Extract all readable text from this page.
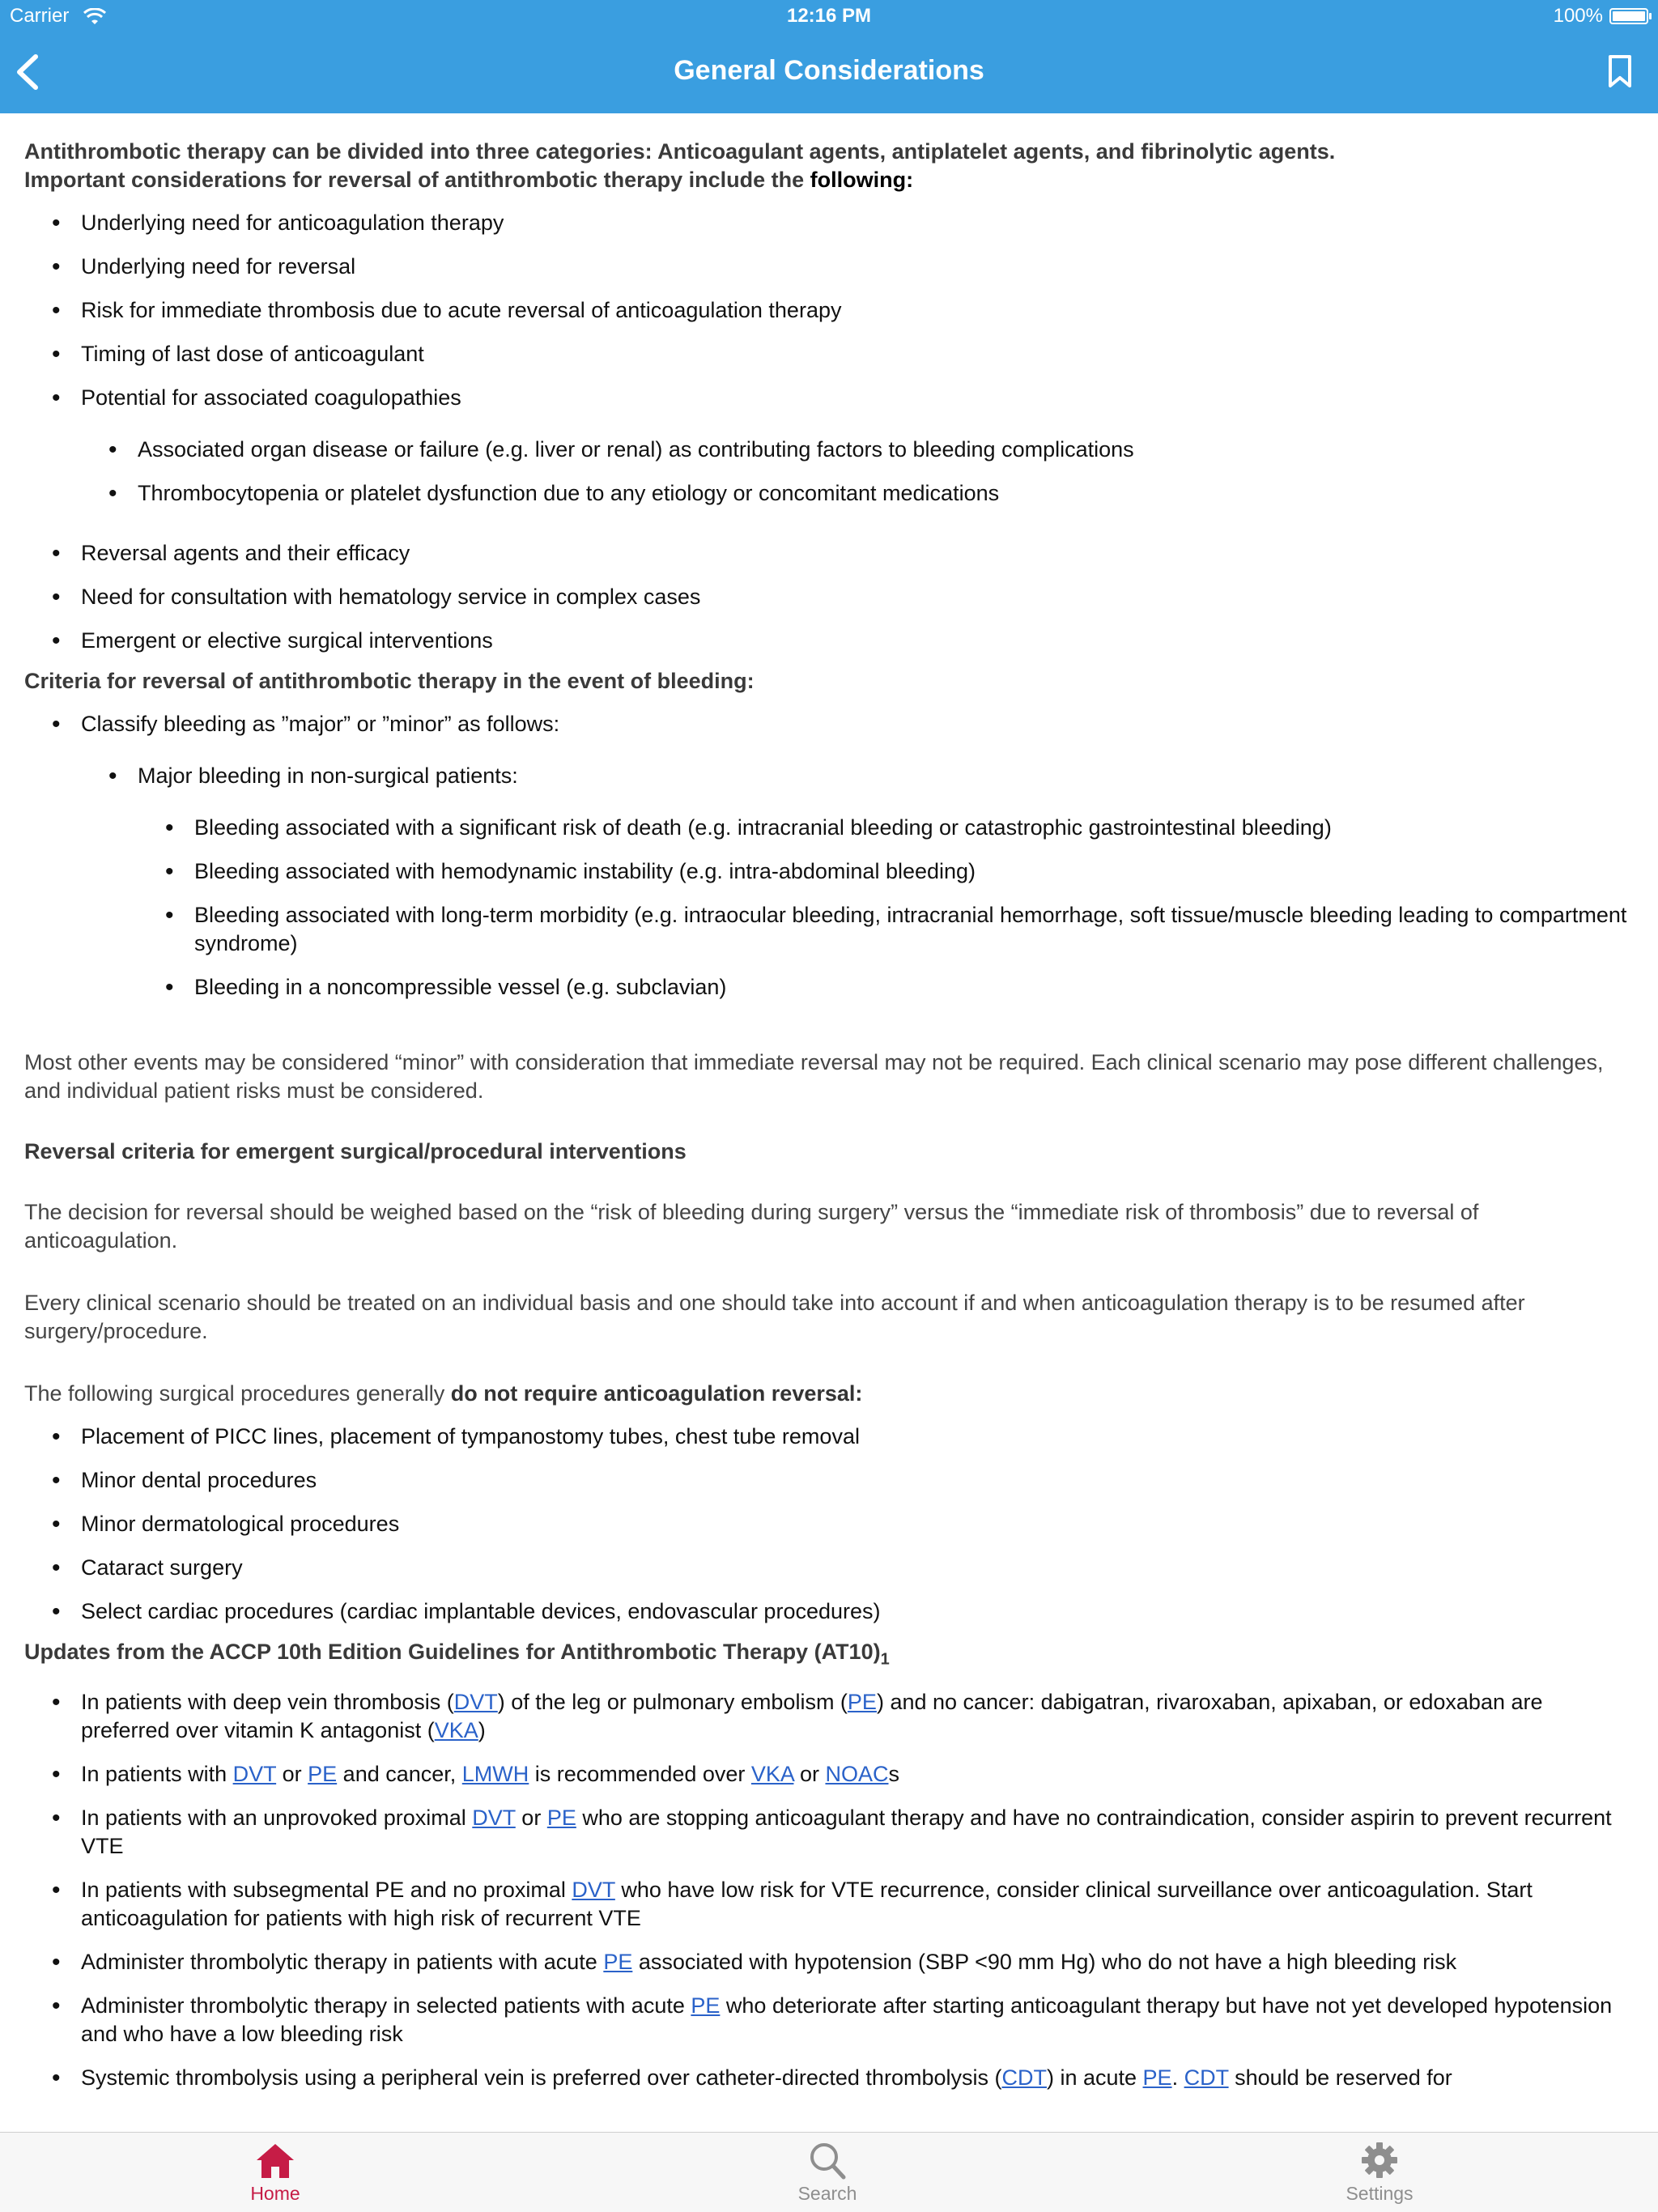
Carrier	12:16 PM	100%
General Considerations

Antithrombotic therapy can be divided into three categories: Anticoagulant agents, antiplatelet agents, and fibrinolytic agents.
Important considerations for reversal of antithrombotic therapy include the following:

• Underlying need for anticoagulation therapy
• Underlying need for reversal
• Risk for immediate thrombosis due to acute reversal of anticoagulation therapy
• Timing of last dose of anticoagulant
• Potential for associated coagulopathies
• Associated organ disease or failure (e.g. liver or renal) as contributing factors to bleeding complications
• Thrombocytopenia or platelet dysfunction due to any etiology or concomitant medications
• Reversal agents and their efficacy
• Need for consultation with hematology service in complex cases
• Emergent or elective surgical interventions

Criteria for reversal of antithrombotic therapy in the event of bleeding:

• Classify bleeding as ”major” or ”minor” as follows:
• Major bleeding in non-surgical patients:
• Bleeding associated with a significant risk of death (e.g. intracranial bleeding or catastrophic gastrointestinal bleeding)
• Bleeding associated with hemodynamic instability (e.g. intra-abdominal bleeding)
• Bleeding associated with long-term morbidity (e.g. intraocular bleeding, intracranial hemorrhage, soft tissue/muscle bleeding leading to compartment syndrome)
• Bleeding in a noncompressible vessel (e.g. subclavian)

Most other events may be considered “minor” with consideration that immediate reversal may not be required. Each clinical scenario may pose different challenges, and individual patient risks must be considered.

Reversal criteria for emergent surgical/procedural interventions

The decision for reversal should be weighed based on the “risk of bleeding during surgery” versus the “immediate risk of thrombosis” due to reversal of anticoagulation.

Every clinical scenario should be treated on an individual basis and one should take into account if and when anticoagulation therapy is to be resumed after surgery/procedure.

The following surgical procedures generally do not require anticoagulation reversal:

• Placement of PICC lines, placement of tympanostomy tubes, chest tube removal
• Minor dental procedures
• Minor dermatological procedures
• Cataract surgery
• Select cardiac procedures (cardiac implantable devices, endovascular procedures)

Updates from the ACCP 10th Edition Guidelines for Antithrombotic Therapy $(AT10)_1$

• In patients with deep vein thrombosis (DVT) of the leg or pulmonary embolism (PE) and no cancer: dabigatran, rivaroxaban, apixaban, or edoxaban are preferred over vitamin K antagonist (VKA)
• In patients with DVT or PE and cancer, LMWH is recommended over VKA or NOACs
• In patients with an unprovoked proximal DVT or PE who are stopping anticoagulant therapy and have no contraindication, consider aspirin to prevent recurrent VTE
• In patients with subsegmental PE and no proximal DVT who have low risk for VTE recurrence, consider clinical surveillance over anticoagulation. Start anticoagulation for patients with high risk of recurrent VTE
• Administer thrombolytic therapy in patients with acute PE associated with hypotension (SBP <90 mm Hg) who do not have a high bleeding risk
• Administer thrombolytic therapy in selected patients with acute PE who deteriorate after starting anticoagulant therapy but have not yet developed hypotension and who have a low bleeding risk
• Systemic thrombolysis using a peripheral vein is preferred over catheter-directed thrombolysis (CDT) in acute PE. CDT should be reserved for
Home	Search	Settings
